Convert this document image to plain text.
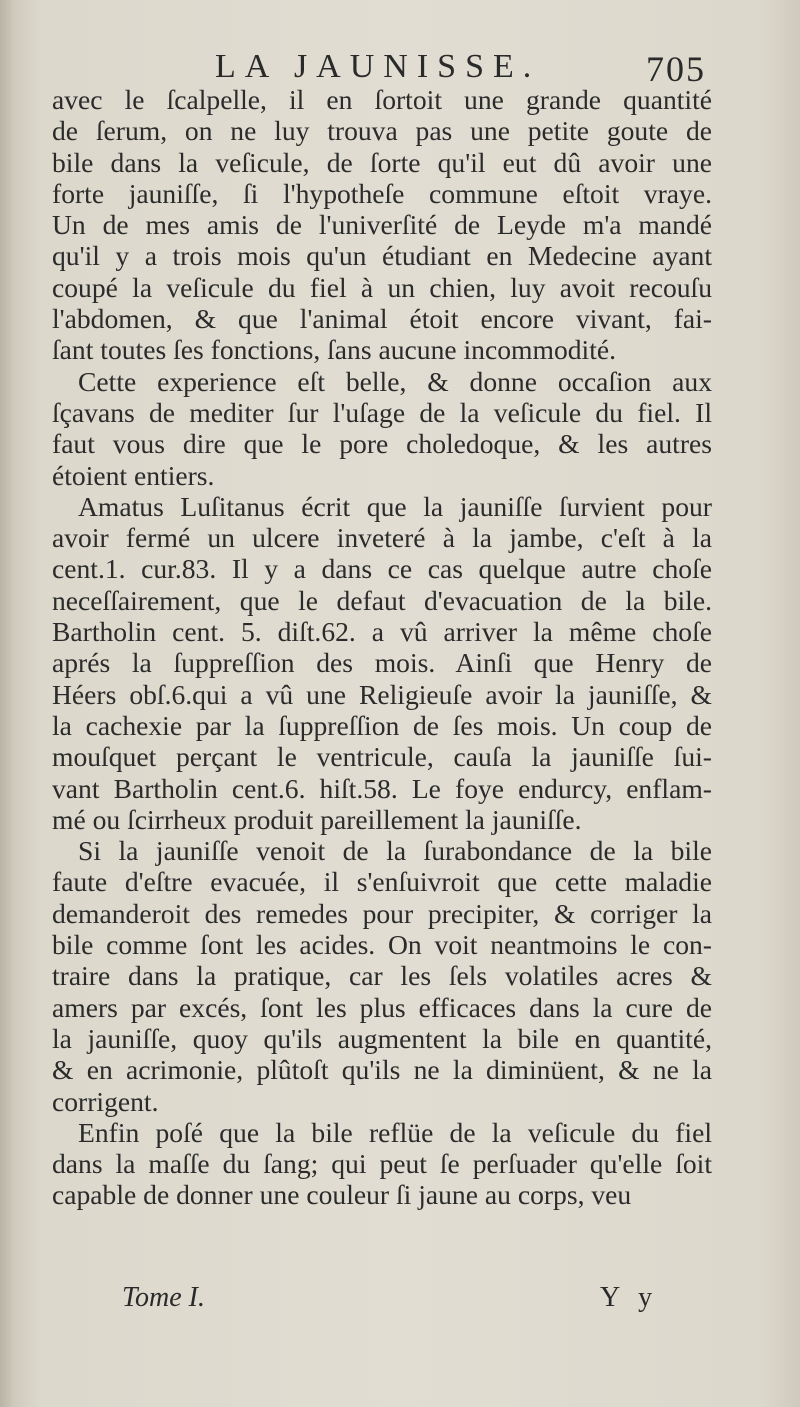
LA JAUNISSE.	705
avec le ſcalpelle, il en ſortoit une grande quantité
de ſerum, on ne luy trouva pas une petite goute de
bile dans la veſicule, de ſorte qu'il eut dû avoir une
forte jauniſſe, ſi l'hypotheſe commune eſtoit vraye.
Un de mes amis de l'univerſité de Leyde m'a mandé
qu'il y a trois mois qu'un étudiant en Medecine ayant
coupé la veſicule du fiel à un chien, luy avoit recouſu
l'abdomen, & que l'animal étoit encore vivant, fai-
ſant toutes ſes fonctions, ſans aucune incommodité.
Cette experience eſt belle, & donne occaſion aux
ſçavans de mediter ſur l'uſage de la veſicule du fiel. Il
faut vous dire que le pore choledoque, & les autres
étoient entiers.
Amatus Luſitanus écrit que la jauniſſe ſurvient pour
avoir fermé un ulcere inveteré à la jambe, c'eſt à la
cent.1. cur.83. Il y a dans ce cas quelque autre choſe
neceſſairement, que le defaut d'evacuation de la bile.
Bartholin cent. 5. diſt.62. a vû arriver la même choſe
aprés la ſuppreſſion des mois. Ainſi que Henry de
Héers obſ.6.qui a vû une Religieuſe avoir la jauniſſe, &
la cachexie par la ſuppreſſion de ſes mois. Un coup de
mouſquet perçant le ventricule, cauſa la jauniſſe ſui-
vant Bartholin cent.6. hiſt.58. Le foye endurcy, enflam-
mé ou ſcirrheux produit pareillement la jauniſſe.
Si la jauniſſe venoit de la ſurabondance de la bile
faute d'eſtre evacuée, il s'enſuivroit que cette maladie
demanderoit des remedes pour precipiter, & corriger la
bile comme ſont les acides. On voit neantmoins le con-
traire dans la pratique, car les ſels volatiles acres &
amers par excés, ſont les plus efficaces dans la cure de
la jauniſſe, quoy qu'ils augmentent la bile en quantité,
& en acrimonie, plûtoſt qu'ils ne la diminüent, & ne la
corrigent.
Enfin poſé que la bile reflüe de la veſicule du fiel
dans la maſſe du ſang; qui peut ſe perſuader qu'elle ſoit
capable de donner une couleur ſi jaune au corps, veu
Tome I.	Y y
